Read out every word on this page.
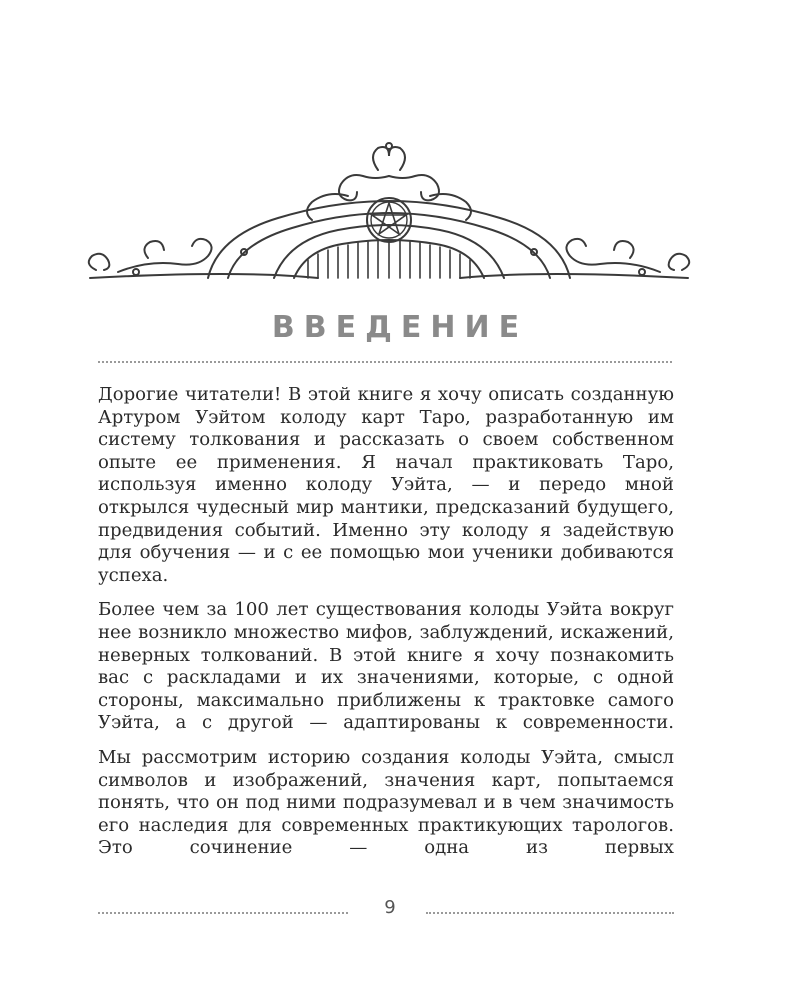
ВВЕДЕНИЕ

Дорогие читатели! В этой книге я хочу описать созданную Артуром Уэйтом колоду карт Таро, разработанную им систему толкования и рассказать о своем собственном опыте ее применения. Я начал практиковать Таро, используя именно колоду Уэйта, — и передо мной открылся чудесный мир мантики, предсказаний будущего, предвидения событий. Именно эту колоду я задействую для обучения — и с ее помощью мои ученики добиваются успеха.

Более чем за 100 лет существования колоды Уэйта вокруг нее возникло множество мифов, заблуждений, искажений, неверных толкований. В этой книге я хочу познакомить вас с раскладами и их значениями, которые, с одной стороны, максимально приближены к трактовке самого Уэйта, а с другой — адаптированы к современности.

Мы рассмотрим историю создания колоды Уэйта, смысл символов и изображений, значения карт, попытаемся понять, что он под ними подразумевал и в чем значимость его наследия для современных практикующих тарологов. Это сочинение — одна из первых

9
